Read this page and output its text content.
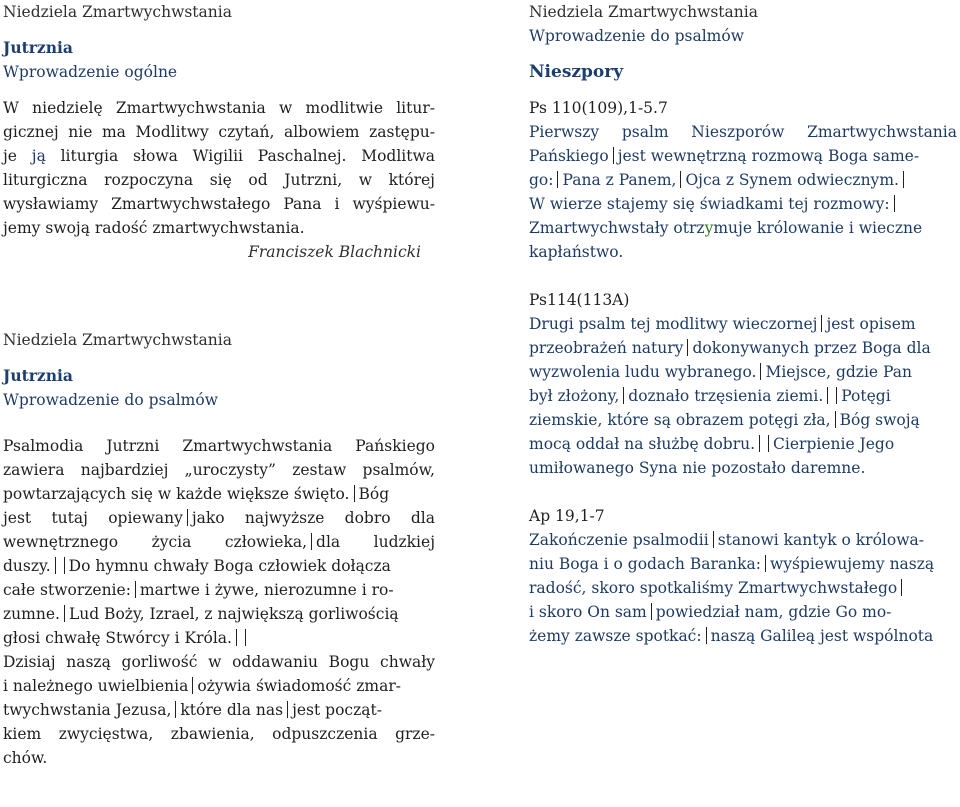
Niedziela Zmartwychwstania
Jutrznia
Wprowadzenie ogólne
W niedzielę Zmartwychwstania w modlitwie litur-
gicznej nie ma Modlitwy czytań, albowiem zastępu-
je ją liturgia słowa Wigilii Paschalnej. Modlitwa
liturgiczna rozpoczyna się od Jutrzni, w której
wysławiamy Zmartwychwstałego Pana i wyśpiewu-
jemy swoją radość zmartwychwstania.
Franciszek Blachnicki
Niedziela Zmartwychwstania
Jutrznia
Wprowadzenie do psalmów
Psalmodia Jutrzni Zmartwychwstania Pańskiego
zawiera najbardziej „uroczysty” zestaw psalmów,
powtarzających się w każde większe święto. Bóg
jest tutaj opiewany jako najwyższe dobro dla
wewnętrznego życia człowieka, dla ludzkiej
duszy. Do hymnu chwały Boga człowiek dołącza
całe stworzenie: martwe i żywe, nierozumne i ro-
zumne. Lud Boży, Izrael, z największą gorliwością
głosi chwałę Stwórcy i Króla.
Dzisiaj naszą gorliwość w oddawaniu Bogu chwały
i należnego uwielbienia ożywia świadomość zmar-
twychwstania Jezusa, które dla nas jest począt-
kiem zwycięstwa, zbawienia, odpuszczenia grze-
chów.
Niedziela Zmartwychwstania
Wprowadzenie do psalmów
Nieszpory
Ps 110(109),1-5.7
Pierwszy psalm Nieszporów Zmartwychwstania
Pańskiego jest wewnętrzną rozmową Boga same-
go: Pana z Panem, Ojca z Synem odwiecznym.
W wierze stajemy się świadkami tej rozmowy:
Zmartwychwstały otrzymuje królowanie i wieczne
kapłaństwo.
Ps114(113A)
Drugi psalm tej modlitwy wieczornej jest opisem
przeobrażeń natury dokonywanych przez Boga dla
wyzwolenia ludu wybranego. Miejsce, gdzie Pan
był złożony, doznało trzęsienia ziemi. Potęgi
ziemskie, które są obrazem potęgi zła, Bóg swoją
mocą oddał na służbę dobru. Cierpienie Jego
umiłowanego Syna nie pozostało daremne.
Ap 19,1-7
Zakończenie psalmodii stanowi kantyk o królowa-
niu Boga i o godach Baranka: wyśpiewujemy naszą
radość, skoro spotkaliśmy Zmartwychwstałego
i skoro On sam powiedział nam, gdzie Go mo-
żemy zawsze spotkać: naszą Galileą jest wspólnota
